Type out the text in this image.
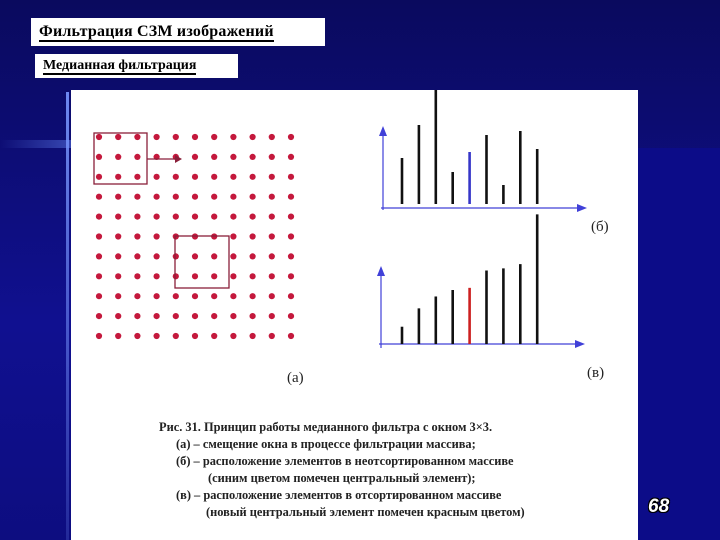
Фильтрация СЗМ изображений
Медианная фильтрация
(а)
(б)
(в)
Рис. 31. Принцип работы медианного фильтра с окном 3×3.
(а) – смещение окна в процессе фильтрации массива;
(б) – расположение элементов в неотсортированном массиве
(синим цветом помечен центральный элемент);
(в) – расположение элементов в отсортированном массиве
(новый центральный элемент помечен красным цветом)	68
